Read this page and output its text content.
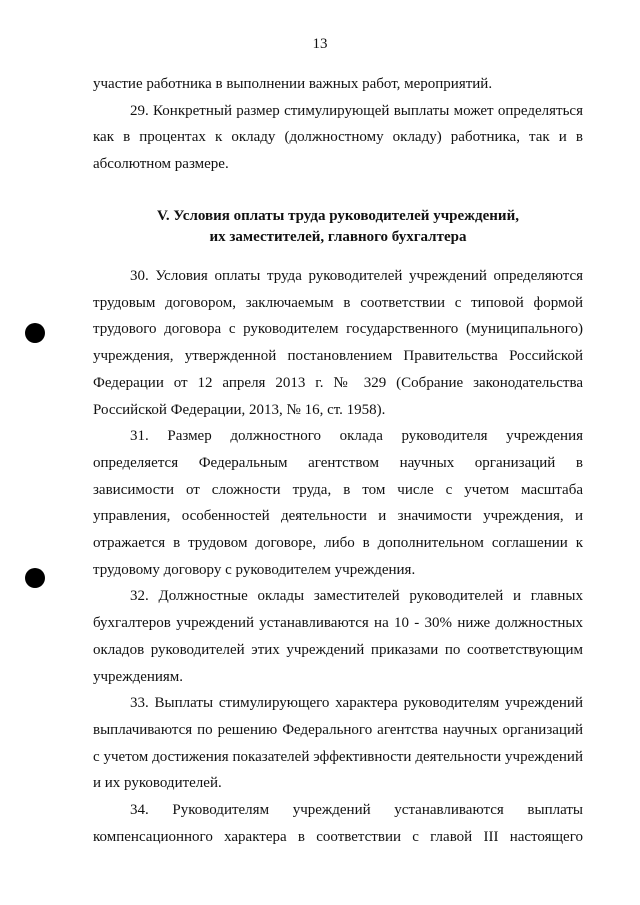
13

участие работника в выполнении важных работ, мероприятий.

29. Конкретный размер стимулирующей выплаты может определяться как в процентах к окладу (должностному окладу) работника, так и в абсолютном размере.

V. Условия оплаты труда руководителей учреждений,
их заместителей, главного бухгалтера

30. Условия оплаты труда руководителей учреждений определяются трудовым договором, заключаемым в соответствии с типовой формой трудового договора с руководителем государственного (муниципального) учреждения, утвержденной постановлением Правительства Российской Федерации от 12 апреля 2013 г. № 329 (Собрание законодательства Российской Федерации, 2013, № 16, ст. 1958).

31. Размер должностного оклада руководителя учреждения определяется Федеральным агентством научных организаций в зависимости от сложности труда, в том числе с учетом масштаба управления, особенностей деятельности и значимости учреждения, и отражается в трудовом договоре, либо в дополнительном соглашении к трудовому договору с руководителем учреждения.

32. Должностные оклады заместителей руководителей и главных бухгалтеров учреждений устанавливаются на 10 - 30% ниже должностных окладов руководителей этих учреждений приказами по соответствующим учреждениям.

33. Выплаты стимулирующего характера руководителям учреждений выплачиваются по решению Федерального агентства научных организаций с учетом достижения показателей эффективности деятельности учреждений и их руководителей.

34. Руководителям учреждений устанавливаются выплаты компенсационного характера в соответствии с главой III настоящего
